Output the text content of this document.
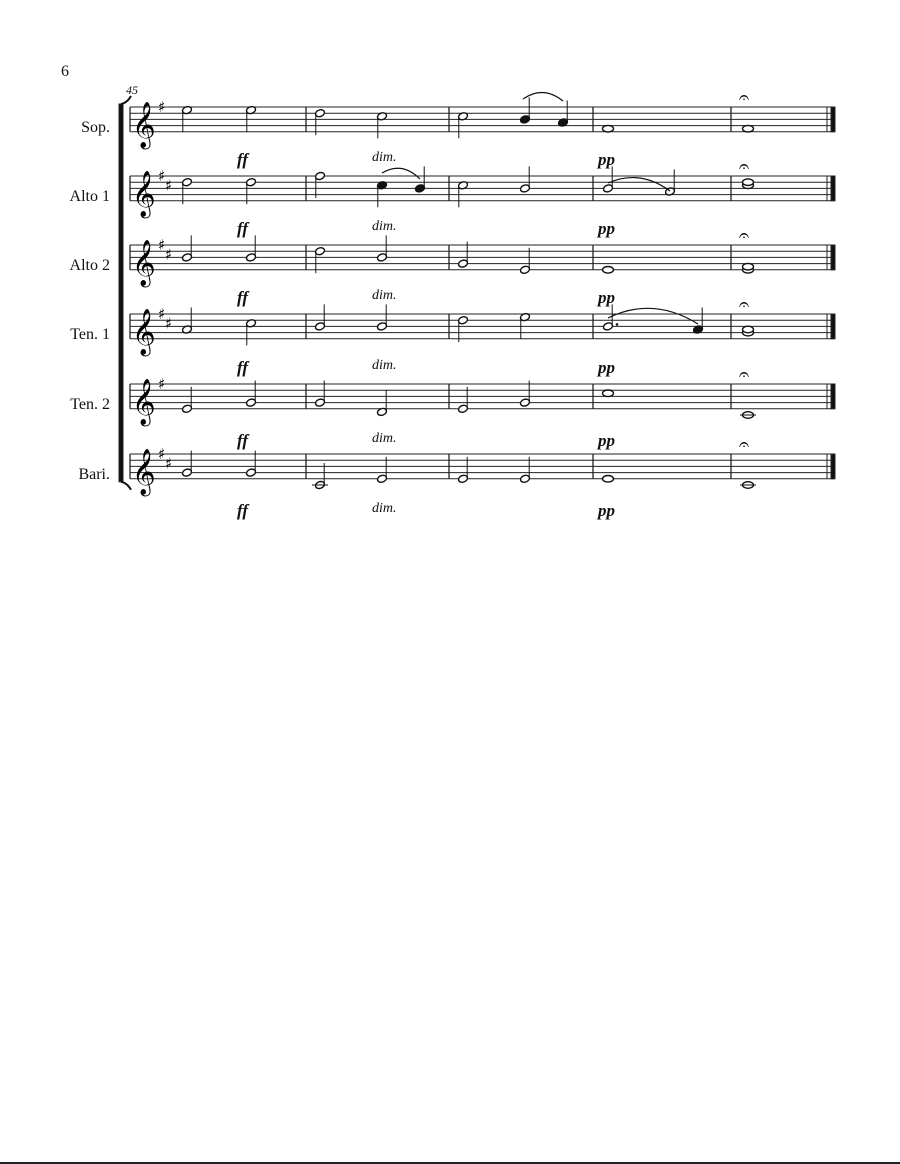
6
45
Sop.
Alto 1
Alto 2
Ten. 1
Ten. 2
Bari.
ff	dim.	pp
ff	dim.	pp
ff	dim.	pp
ff	dim.	pp
ff	dim.	pp
ff	dim.	pp
𝄞 ♯
𝄞 ♯
♯
𝄞 ♯
♯
𝄞 ♯
♯
𝄞 ♯
𝄞 ♯
♯
𝄐
𝄐
𝄐
𝄐
𝄐
𝄐
